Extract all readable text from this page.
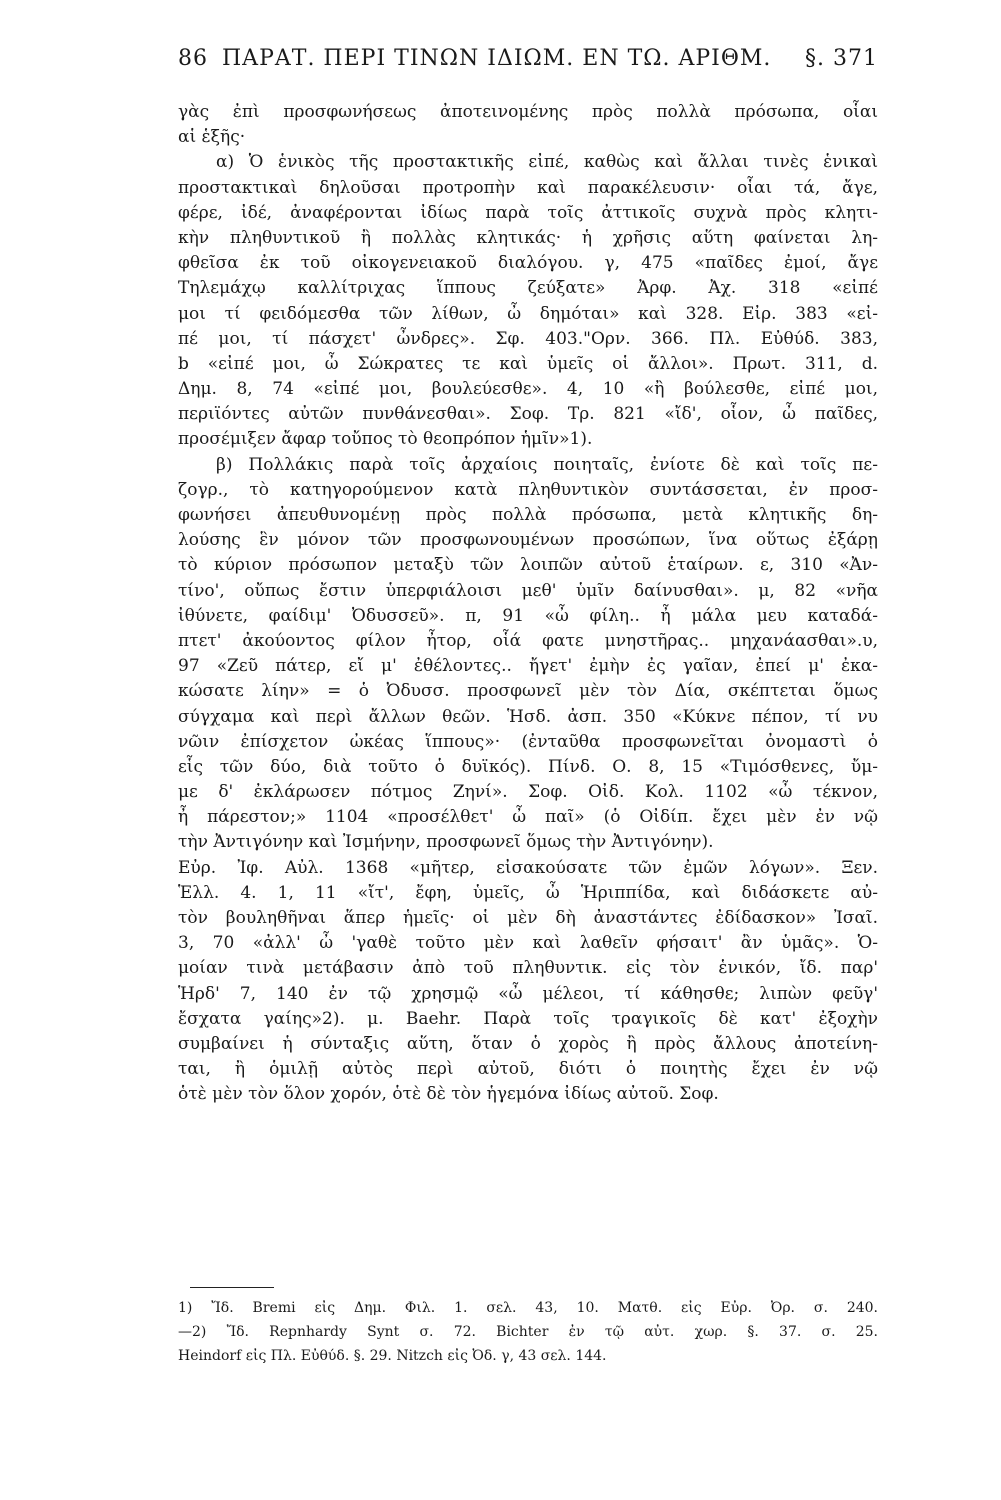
86 ΠΑΡΑΤ. ΠΕΡΙ ΤΙΝΩΝ ΙΔΙΩΜ. ΕΝ ΤΩ. ΑΡΙΘΜ. §. 371
γὰς ἐπὶ προσφωνήσεως ἀποτεινομένης πρὸς πολλὰ πρόσωπα, οἷαι
αἱ ἑξῆς·
α) Ὁ ἑνικὸς τῆς προστακτικῆς εἰπέ, καθὼς καὶ ἄλλαι τινὲς ἑνικαὶ
προστακτικαὶ δηλοῦσαι προτροπὴν καὶ παρακέλευσιν· οἷαι τά, ἄγε,
φέρε, ἰδέ, ἀναφέρονται ἰδίως παρὰ τοῖς ἀττικοῖς συχνὰ πρὸς κλητι-
κὴν πληθυντικοῦ ἢ πολλὰς κλητικάς· ἡ χρῆσις αὕτη φαίνεται λη-
φθεῖσα ἐκ τοῦ οἰκογενειακοῦ διαλόγου. γ, 475 «παῖδες ἐμοί, ἄγε
Τηλεμάχῳ καλλίτριχας ἵππους ζεύξατε» Ἀρφ. Ἀχ. 318 «εἰπέ
μοι τί φειδόμεσθα τῶν λίθων, ὦ δημόται» καὶ 328. Εἰρ. 383 «εἰ-
πέ μοι, τί πάσχετ' ὦνδρες». Σφ. 403."Ορν. 366. Πλ. Εὐθύδ. 383,
b «εἰπέ μοι, ὦ Σώκρατες τε καὶ ὑμεῖς οἱ ἄλλοι». Πρωτ. 311, d.
Δημ. 8, 74 «εἰπέ μοι, βουλεύεσθε». 4, 10 «ἢ βούλεσθε, εἰπέ μοι,
περιϊόντες αὐτῶν πυνθάνεσθαι». Σοφ. Τρ. 821 «ἴδ', οἷον, ὦ παῖδες,
προσέμιξεν ἄφαρ τοὔπος τὸ θεοπρόπον ἡμῖν»1).
β) Πολλάκις παρὰ τοῖς ἀρχαίοις ποιηταῖς, ἐνίοτε δὲ καὶ τοῖς πε-
ζογρ., τὸ κατηγορούμενον κατὰ πληθυντικὸν συντάσσεται, ἐν προσ-
φωνήσει ἀπευθυνομένῃ πρὸς πολλὰ πρόσωπα, μετὰ κλητικῆς δη-
λούσης ἓν μόνον τῶν προσφωνουμένων προσώπων, ἵνα οὕτως ἐξάρῃ
τὸ κύριον πρόσωπον μεταξὺ τῶν λοιπῶν αὐτοῦ ἑταίρων. ε, 310 «Ἀν-
τίνο', οὔπως ἔστιν ὑπερφιάλοισι μεθ' ὑμῖν δαίνυσθαι». μ, 82 «νῆα
ἰθύνετε, φαίδιμ' Ὀδυσσεῦ». π, 91 «ὦ φίλη.. ἦ μάλα μευ καταδά-
πτετ' ἀκούοντος φίλον ἦτορ, οἷά φατε μνηστῆρας.. μηχανάασθαι».υ,
97 «Ζεῦ πάτερ, εἴ μ' ἐθέλοντες.. ἤγετ' ἐμὴν ἐς γαῖαν, ἐπεί μ' ἐκα-
κώσατε λίην» = ὁ Ὀδυσσ. προσφωνεῖ μὲν τὸν Δία, σκέπτεται ὅμως
σύγχαμα καὶ περὶ ἄλλων θεῶν. Ἡσδ. ἀσπ. 350 «Κύκνε πέπον, τί νυ
νῶιν ἐπίσχετον ὠκέας ἵππους»· (ἐνταῦθα προσφωνεῖται ὀνομαστὶ ὁ
εἷς τῶν δύο, διὰ τοῦτο ὁ δυϊκός). Πίνδ. Ο. 8, 15 «Τιμόσθενες, ὔμ-
με δ' ἐκλάρωσεν πότμος Ζηνί». Σοφ. Οἰδ. Κολ. 1102 «ὦ τέκνον,
ἦ πάρεστον;» 1104 «προσέλθετ' ὦ παῖ» (ὁ Οἰδίπ. ἔχει μὲν ἐν νῷ
τὴν Ἀντιγόνην καὶ Ἰσμήνην, προσφωνεῖ ὅμως τὴν Ἀντιγόνην).
Εὐρ. Ἰφ. Αὐλ. 1368 «μῆτερ, εἰσακούσατε τῶν ἐμῶν λόγων». Ξεν.
Ἑλλ. 4. 1, 11 «ἴτ', ἔφη, ὑμεῖς, ὦ Ἡριππίδα, καὶ διδάσκετε αὐ-
τὸν βουληθῆναι ἅπερ ἡμεῖς· οἱ μὲν δὴ ἀναστάντες ἐδίδασκον» Ἰσαῖ.
3, 70 «ἀλλ' ὦ 'γαθὲ τοῦτο μὲν καὶ λαθεῖν φήσαιτ' ἂν ὑμᾶς». Ὁ-
μοίαν τινὰ μετάβασιν ἀπὸ τοῦ πληθυντικ. εἰς τὸν ἑνικόν, ἴδ. παρ'
Ἡρδ' 7, 140 ἐν τῷ χρησμῷ «ὦ μέλεοι, τί κάθησθε; λιπὼν φεῦγ'
ἔσχατα γαίης»2). μ. Baehr. Παρὰ τοῖς τραγικοῖς δὲ κατ' ἐξοχὴν
συμβαίνει ἡ σύνταξις αὕτη, ὅταν ὁ χορὸς ἢ πρὸς ἄλλους ἀποτείνη-
ται, ἢ ὁμιλῇ αὐτὸς περὶ αὐτοῦ, διότι ὁ ποιητὴς ἔχει ἐν νῷ
ὁτὲ μὲν τὸν ὅλον χορόν, ὁτὲ δὲ τὸν ἡγεμόνα ἰδίως αὐτοῦ. Σοφ.
1) Ἴδ. Bremi εἰς Δημ. Φιλ. 1. σελ. 43, 10. Ματθ. εἰς Εὐρ. Ὀρ. σ. 240.
—2) Ἴδ. Repnhardy Synt σ. 72. Bichter ἐν τῷ αὐτ. χωρ. §. 37. σ. 25.
Heindorf εἰς Πλ. Εὐθύδ. §. 29. Nitzch εἰς Ὀδ. γ, 43 σελ. 144.
